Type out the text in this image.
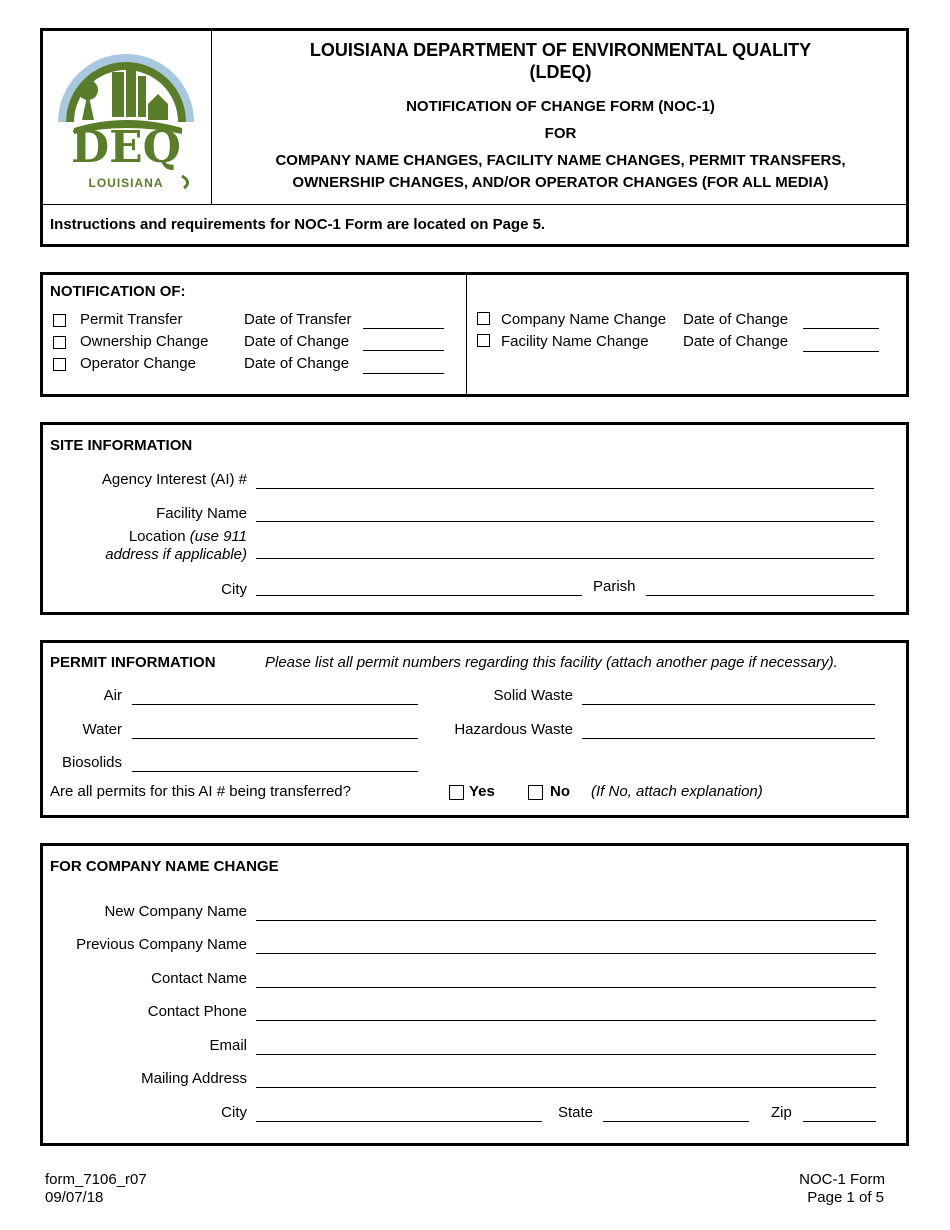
DEQ
LOUISIANA
LOUISIANA DEPARTMENT OF ENVIRONMENTAL QUALITY
(LDEQ)
NOTIFICATION OF CHANGE FORM (NOC-1)
FOR
COMPANY NAME CHANGES, FACILITY NAME CHANGES, PERMIT TRANSFERS,
OWNERSHIP CHANGES, AND/OR OPERATOR CHANGES (FOR ALL MEDIA)
Instructions and requirements for NOC-1 Form are located on Page 5.
NOTIFICATION OF:
Permit Transfer	Date of Transfer
Ownership Change Date of Change
Operator Change	Date of Change
Company Name Change Date of Change
Facility Name Change Date of Change
SITE INFORMATION
Agency Interest (AI) #
Facility Name
Location (use 911
address if applicable)
City	Parish
PERMIT INFORMATION	Please list all permit numbers regarding this facility (attach another page if necessary).
Air
Water
Biosolids
Solid Waste
Hazardous Waste
Are all permits for this AI # being transferred?	Yes	No (If No, attach explanation)
FOR COMPANY NAME CHANGE
New Company Name
Previous Company Name
Contact Name
Contact Phone
Email
Mailing Address
City	State	Zip
form_7106_r07
09/07/18
NOC-1 Form
Page 1 of 5
